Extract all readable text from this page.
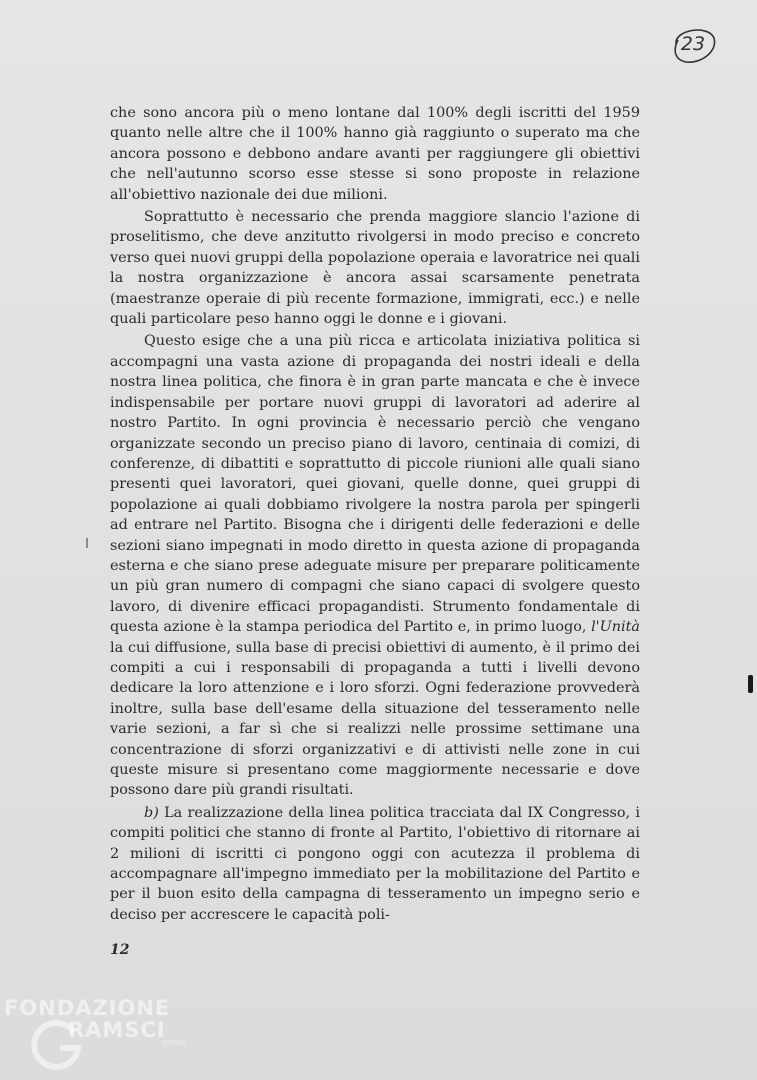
23

che sono ancora più o meno lontane dal 100% degli iscritti del 1959 quanto nelle altre che il 100% hanno già raggiunto o superato ma che ancora possono e debbono andare avanti per raggiungere gli obiettivi che nell'autunno scorso esse stesse si sono proposte in relazione all'obiettivo nazionale dei due milioni.

Soprattutto è necessario che prenda maggiore slancio l'azione di proselitismo, che deve anzitutto rivolgersi in modo preciso e concreto verso quei nuovi gruppi della popolazione operaia e lavoratrice nei quali la nostra organizzazione è ancora assai scarsamente penetrata (maestranze operaie di più recente formazione, immigrati, ecc.) e nelle quali particolare peso hanno oggi le donne e i giovani.

Questo esige che a una più ricca e articolata iniziativa politica si accompagni una vasta azione di propaganda dei nostri ideali e della nostra linea politica, che finora è in gran parte mancata e che è invece indispensabile per portare nuovi gruppi di lavoratori ad aderire al nostro Partito. In ogni provincia è necessario perciò che vengano organizzate secondo un preciso piano di lavoro, centinaia di comizi, di conferenze, di dibattiti e soprattutto di piccole riunioni alle quali siano presenti quei lavoratori, quei giovani, quelle donne, quei gruppi di popolazione ai quali dobbiamo rivolgere la nostra parola per spingerli ad entrare nel Partito. Bisogna che i dirigenti delle federazioni e delle sezioni siano impegnati in modo diretto in questa azione di propaganda esterna e che siano prese adeguate misure per preparare politicamente un più gran numero di compagni che siano capaci di svolgere questo lavoro, di divenire efficaci propagandisti. Strumento fondamentale di questa azione è la stampa periodica del Partito e, in primo luogo, l'Unità la cui diffusione, sulla base di precisi obiettivi di aumento, è il primo dei compiti a cui i responsabili di propaganda a tutti i livelli devono dedicare la loro attenzione e i loro sforzi. Ogni federazione provvederà inoltre, sulla base dell'esame della situazione del tesseramento nelle varie sezioni, a far sì che si realizzi nelle prossime settimane una concentrazione di sforzi organizzativi e di attivisti nelle zone in cui queste misure si presentano come maggiormente necessarie e dove possono dare più grandi risultati.

b) La realizzazione della linea politica tracciata dal IX Congresso, i compiti politici che stanno di fronte al Partito, l'obiettivo di ritornare ai 2 milioni di iscritti ci pongono oggi con acutezza il problema di accompagnare all'impegno immediato per la mobilitazione del Partito e per il buon esito della campagna di tesseramento un impegno serio e deciso per accrescere le capacità poli-

12
FONDAZIONE
RAMSCI
onlus
